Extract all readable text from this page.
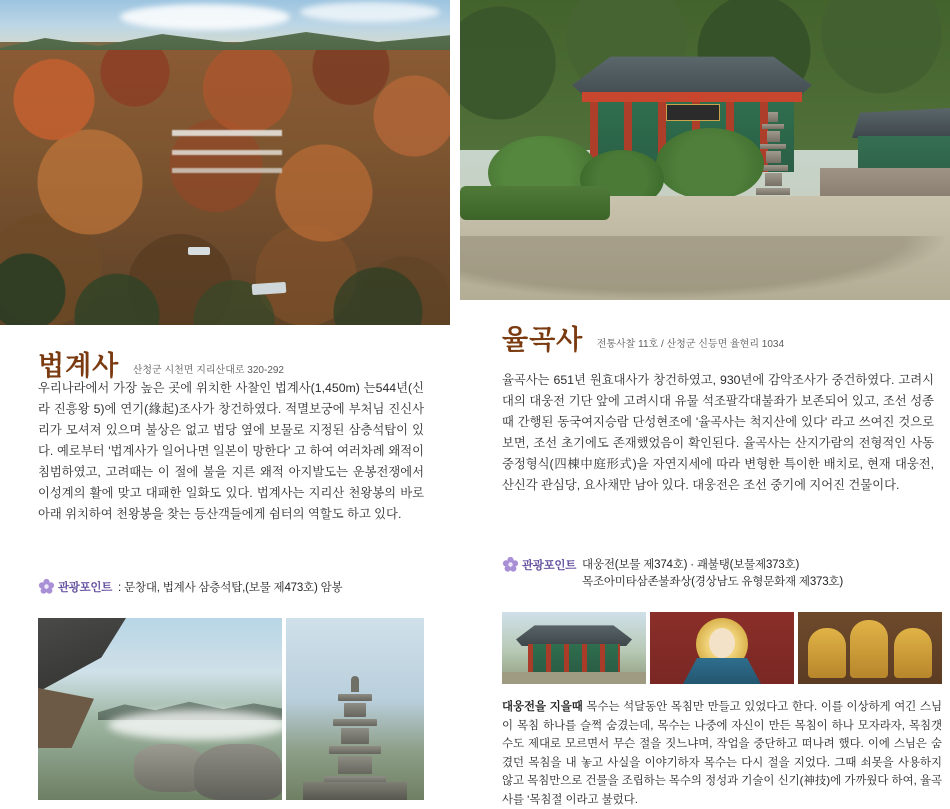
법계사 산청군 시천면 지리산대로 320-292
우리나라에서 가장 높은 곳에 위치한 사찰인 법계사(1,450m) 는544년(신라 진흥왕 5)에 연기(緣起)조사가 창건하였다. 적멸보궁에 부처님 진신사리가 모셔져 있으며 불상은 없고 법당 옆에 보물로 지정된 삼층석탑이 있다. 예로부터 '법계사가 일어나면 일본이 망한다' 고 하여 여러차례 왜적이 침범하였고, 고려때는 이 절에 불을 지른 왜적 아지발도는 운봉전쟁에서 이성계의 활에 맞고 대패한 일화도 있다. 법계사는 지리산 천왕봉의 바로 아래 위치하여 천왕봉을 찾는 등산객들에게 쉼터의 역할도 하고 있다.
관광포인트 : 문창대, 법계사 삼층석탑,(보물 제473호) 암봉
율곡사 전통사찰 11호 / 산청군 신등면 율현리 1034
율곡사는 651년 원효대사가 창건하였고, 930년에 감악조사가 중건하였다. 고려시대의 대웅전 기단 앞에 고려시대 유물 석조팔각대불좌가 보존되어 있고, 조선 성종때 간행된 동국여지승람 단성현조에 '율곡사는 척지산에 있다' 라고 쓰여진 것으로 보면, 조선 초기에도 존재했었음이 확인된다. 율곡사는 산지가람의 전형적인 사동중정형식(四棟中庭形式)을 자연지세에 따라 변형한 특이한 배치로, 현재 대웅전, 산신각 관심당, 요사채만 남아 있다. 대웅전은 조선 중기에 지어진 건물이다.
관광포인트 대웅전(보물 제374호) · 괘불탱(보물제373호)
목조아미타삼존불좌상(경상남도 유형문화재 제373호)
대웅전을 지을때 목수는 석달동안 목침만 만들고 있었다고 한다. 이를 이상하게 여긴 스님이 목침 하나를 슬쩍 숨겼는데, 목수는 나중에 자신이 만든 목침이 하나 모자라자, 목침갯수도 제대로 모르면서 무슨 절을 짓느냐며, 작업을 중단하고 떠나려 했다. 이에 스님은 숨겼던 목침을 내 놓고 사실을 이야기하자 목수는 다시 절을 지었다. 그때 쇠못을 사용하지 않고 목침만으로 건물을 조립하는 목수의 정성과 기술이 신기(神技)에 가까웠다 하여, 율곡사를 '목침절 이라고 불렀다.
